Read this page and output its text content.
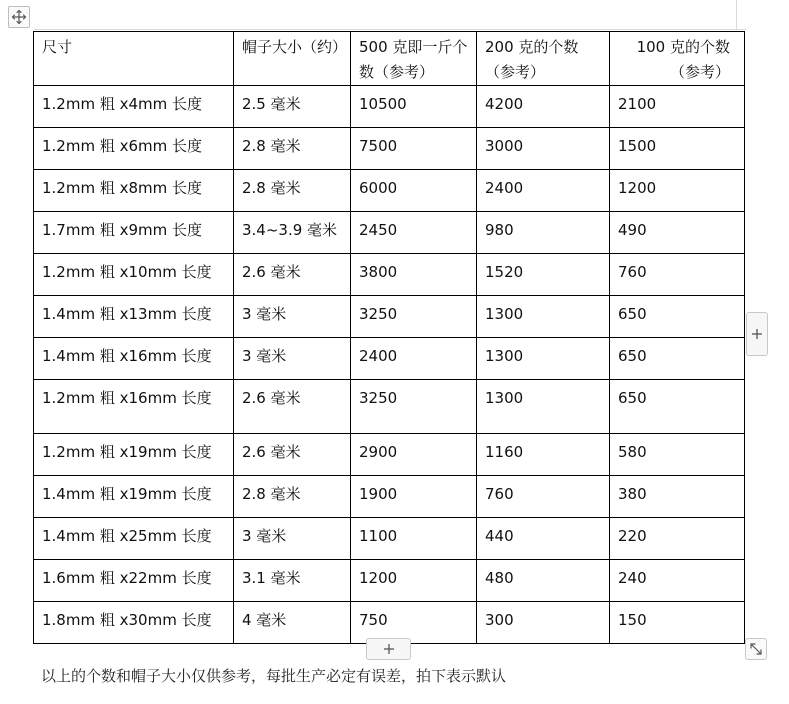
尺寸	帽子大小（约）	500 克即一斤个数（参考）	200 克的个数（参考）	100 克的个数（参考）
1.2mm 粗 x4mm 长度	2.5 毫米	10500	4200	2100
1.2mm 粗 x6mm 长度	2.8 毫米	7500	3000	1500
1.2mm 粗 x8mm 长度	2.8 毫米	6000	2400	1200
1.7mm 粗 x9mm 长度	3.4~3.9 毫米	2450	980	490
1.2mm 粗 x10mm 长度	2.6 毫米	3800	1520	760
1.4mm 粗 x13mm 长度	3 毫米	3250	1300	650
1.4mm 粗 x16mm 长度	3 毫米	2400	1300	650
1.2mm 粗 x16mm 长度	2.6 毫米	3250	1300	650
1.2mm 粗 x19mm 长度	2.6 毫米	2900	1160	580
1.4mm 粗 x19mm 长度	2.8 毫米	1900	760	380
1.4mm 粗 x25mm 长度	3 毫米	1100	440	220
1.6mm 粗 x22mm 长度	3.1 毫米	1200	480	240
1.8mm 粗 x30mm 长度	4 毫米	750	300	150
以上的个数和帽子大小仅供参考，每批生产必定有误差，拍下表示默认
